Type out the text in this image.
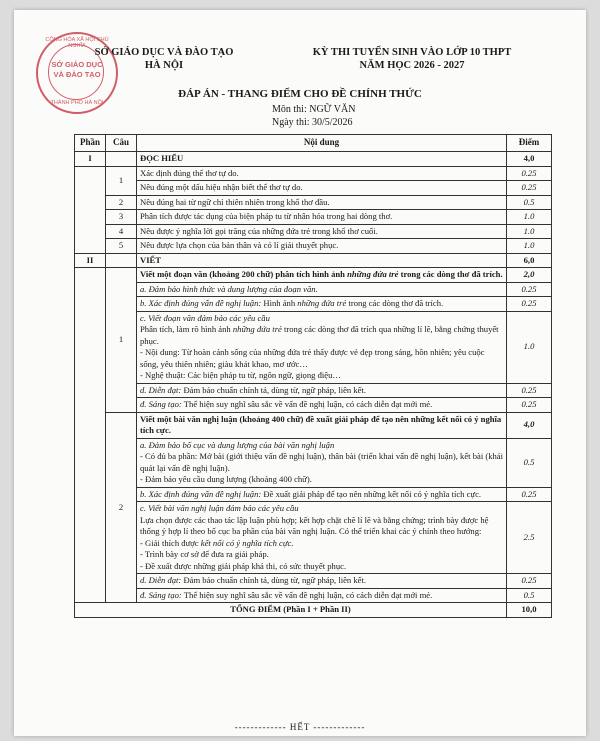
CỘNG HÒA XÃ HỘI CHỦ NGHĨA
SỞ GIÁO DỤC
VÀ ĐÀO TẠO
THÀNH PHỐ HÀ NỘI
SỞ GIÁO DỤC VÀ ĐÀO TẠO
HÀ NỘI
KỲ THI TUYỂN SINH VÀO LỚP 10 THPT
NĂM HỌC 2026 - 2027
ĐÁP ÁN - THANG ĐIỂM CHO ĐỀ CHÍNH THỨC
Môn thi: NGỮ VĂN
Ngày thi: 30/5/2026
Phần	Câu	Nội dung	Điểm
I		ĐỌC HIỂU	4,0
	1	Xác định đúng thể thơ tự do.	0.25
		Nêu đúng một dấu hiệu nhận biết thể thơ tự do.	0.25
	2	Nêu đúng hai từ ngữ chỉ thiên nhiên trong khổ thơ đầu.	0.5
	3	Phân tích được tác dụng của biện pháp tu từ nhân hóa trong hai dòng thơ.	1.0
	4	Nêu được ý nghĩa lời gọi trăng của những đứa trẻ trong khổ thơ cuối.	1.0
	5	Nêu được lựa chọn của bản thân và có lí giải thuyết phục.	1.0
II		VIẾT	6,0
	1	Viết một đoạn văn (khoảng 200 chữ) phân tích hình ảnh những đứa trẻ trong các dòng thơ đã trích.	2,0
		a. Đảm bảo hình thức và dung lượng của đoạn văn.	0.25
		b. Xác định đúng vấn đề nghị luận: Hình ảnh những đứa trẻ trong các dòng thơ đã trích.	0.25

		c. Viết đoạn văn đảm bảo các yêu cầu
Phân tích, làm rõ hình ảnh những đứa trẻ trong các dòng thơ đã trích qua những lí lẽ, bằng chứng thuyết phục.
- Nội dung: Từ hoàn cảnh sống của những đứa trẻ thấy được vẻ đẹp trong sáng, hồn nhiên; yêu cuộc sống, yêu thiên nhiên; giàu khát khao, mơ ước…
- Nghệ thuật: Các biện pháp tu từ, ngôn ngữ, giọng điệu…	1.0
		d. Diễn đạt: Đảm bảo chuẩn chính tả, dùng từ, ngữ pháp, liên kết.	0.25
		đ. Sáng tạo: Thể hiện suy nghĩ sâu sắc về vấn đề nghị luận, có cách diễn đạt mới mẻ.	0.25
	2	Viết một bài văn nghị luận (khoảng 400 chữ) đề xuất giải pháp để tạo nên những kết nối có ý nghĩa tích cực.	4,0

		a. Đảm bảo bố cục và dung lượng của bài văn nghị luận
- Có đủ ba phần: Mở bài (giới thiệu vấn đề nghị luận), thân bài (triển khai vấn đề nghị luận), kết bài (khái quát lại vấn đề nghị luận).
- Đảm bảo yêu cầu dung lượng (khoảng 400 chữ).	0.5
		b. Xác định đúng vấn đề nghị luận: Đề xuất giải pháp để tạo nên những kết nối có ý nghĩa tích cực.	0.25

		c. Viết bài văn nghị luận đảm bảo các yêu cầu
Lựa chọn được các thao tác lập luận phù hợp; kết hợp chặt chẽ lí lẽ và bằng chứng; trình bày được hệ thống ý hợp lí theo bố cục ba phần của bài văn nghị luận. Có thể triển khai các ý chính theo hướng:
- Giải thích được kết nối có ý nghĩa tích cực.
- Trình bày cơ sở để đưa ra giải pháp.
- Đề xuất được những giải pháp khả thi, có sức thuyết phục.	2.5
		d. Diễn đạt: Đảm bảo chuẩn chính tả, dùng từ, ngữ pháp, liên kết.	0.25
		đ. Sáng tạo: Thể hiện suy nghĩ sâu sắc về vấn đề nghị luận, có cách diễn đạt mới mẻ.	0.5
TỔNG ĐIỂM (Phần I + Phần II)			10,0
------------- HẾT -------------
